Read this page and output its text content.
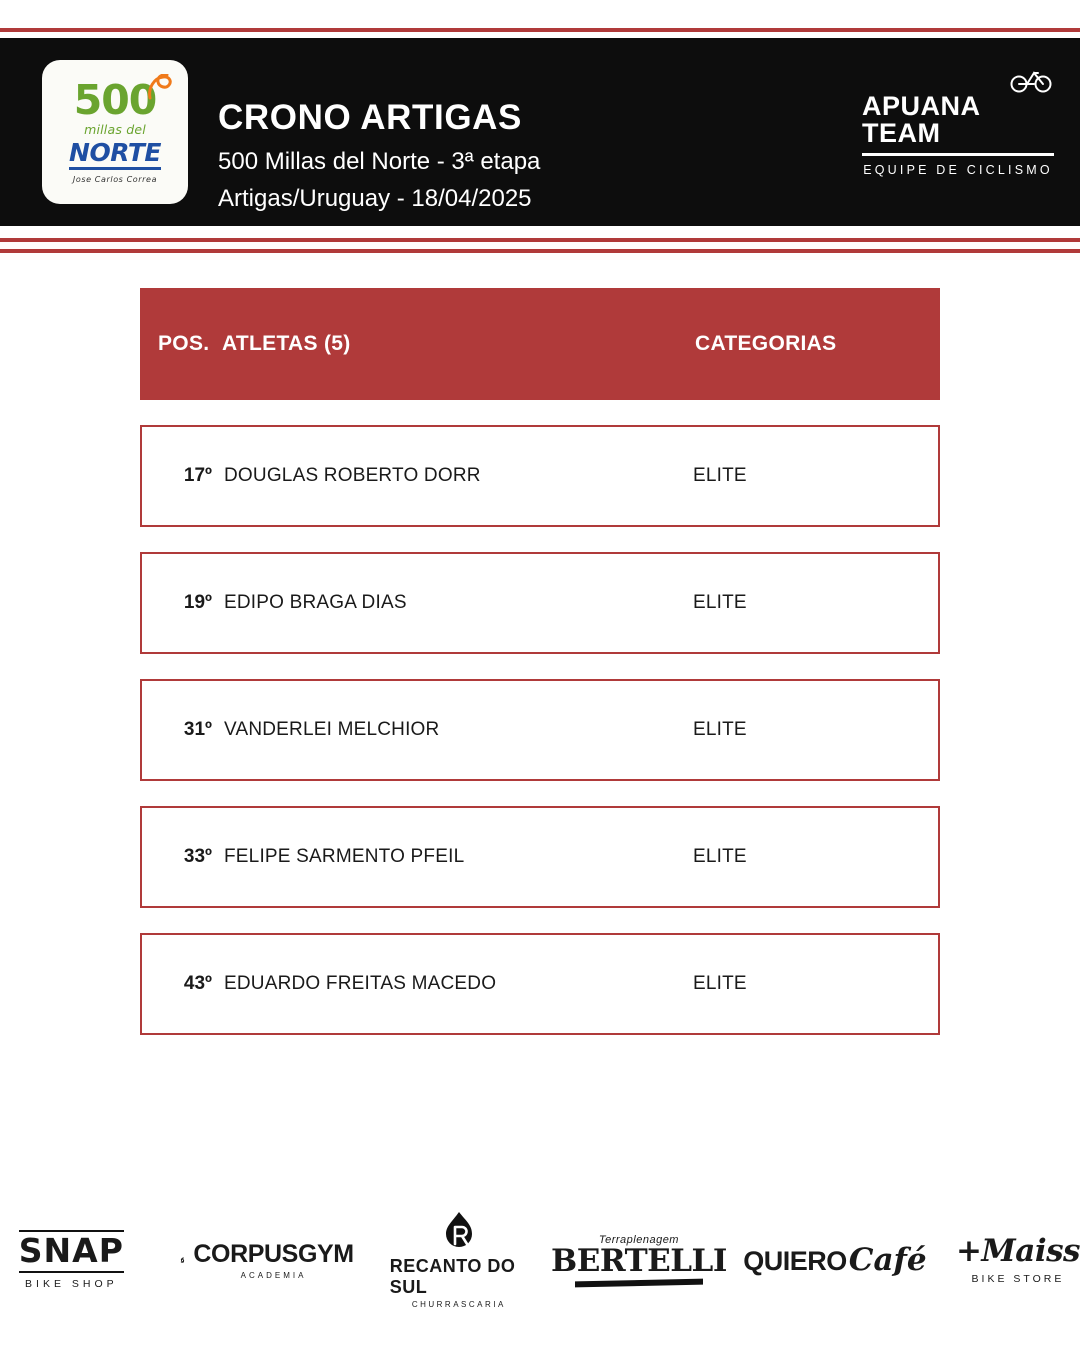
500
millas del
NORTE
Jose Carlos Correa
CRONO ARTIGAS
500 Millas del Norte - 3ª etapa
Artigas/Uruguay - 18/04/2025
APUANA TEAM
EQUIPE DE CICLISMO
POS. ATLETAS (5)	CATEGORIAS
17º DOUGLAS ROBERTO DORR	ELITE
19º EDIPO BRAGA DIAS	ELITE
31º VANDERLEI MELCHIOR	ELITE
33º FELIPE SARMENTO PFEIL	ELITE
43º EDUARDO FREITAS MACEDO	ELITE
SNAP
BIKE SHOP
CORPUSGYM
ACADEMIA	RECANTO DO SUL
CHURRASCARIA
Terraplenagem
BERTELLI QUIERO Café +Maiss
BIKE STORE
